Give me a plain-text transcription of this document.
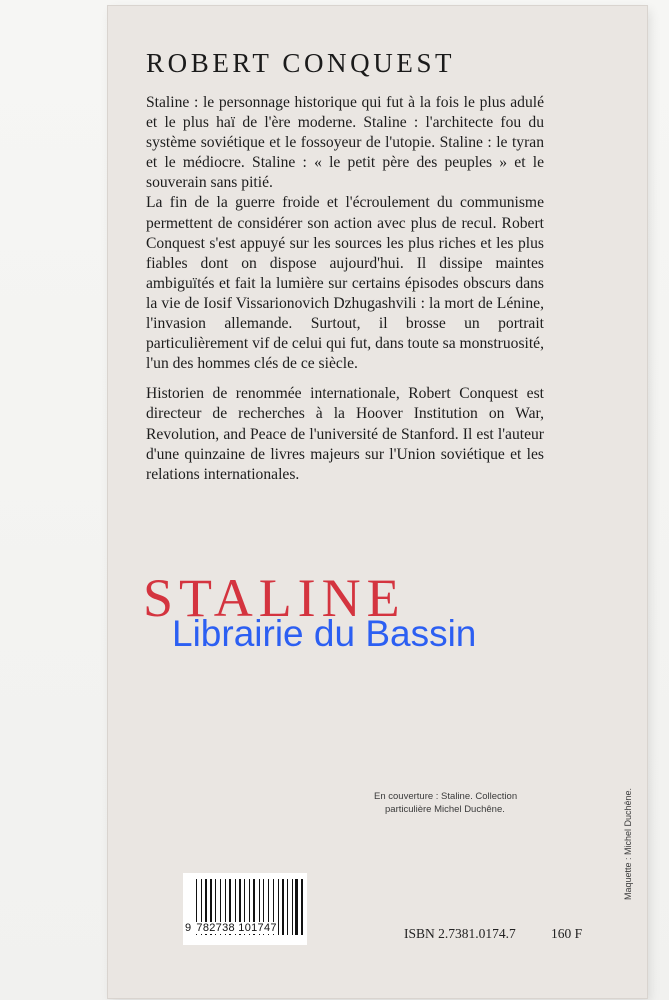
ROBERT CONQUEST

Staline : le personnage historique qui fut à la fois le plus adulé et le plus haï de l'ère moderne. Staline : l'architecte fou du système soviétique et le fossoyeur de l'utopie. Staline : le tyran et le médiocre. Staline : « le petit père des peuples » et le souverain sans pitié.

La fin de la guerre froide et l'écroulement du communisme permettent de considérer son action avec plus de recul. Robert Conquest s'est appuyé sur les sources les plus riches et les plus fiables dont on dispose aujourd'hui. Il dissipe maintes ambiguïtés et fait la lumière sur certains épisodes obscurs dans la vie de Iosif Vissarionovich Dzhugashvili : la mort de Lénine, l'invasion allemande. Surtout, il brosse un portrait particulièrement vif de celui qui fut, dans toute sa monstruosité, l'un des hommes clés de ce siècle.

Historien de renommée internationale, Robert Conquest est directeur de recherches à la Hoover Institution on War, Revolution, and Peace de l'université de Stanford. Il est l'auteur d'une quinzaine de livres majeurs sur l'Union soviétique et les relations internationales.

STALINE
Librairie du Bassin
En couverture : Staline. Collection
particulière Michel Duchêne.	Maquette : Michel Duchêne.
9 782738 101747	ISBN 2.7381.0174.7	160 F
